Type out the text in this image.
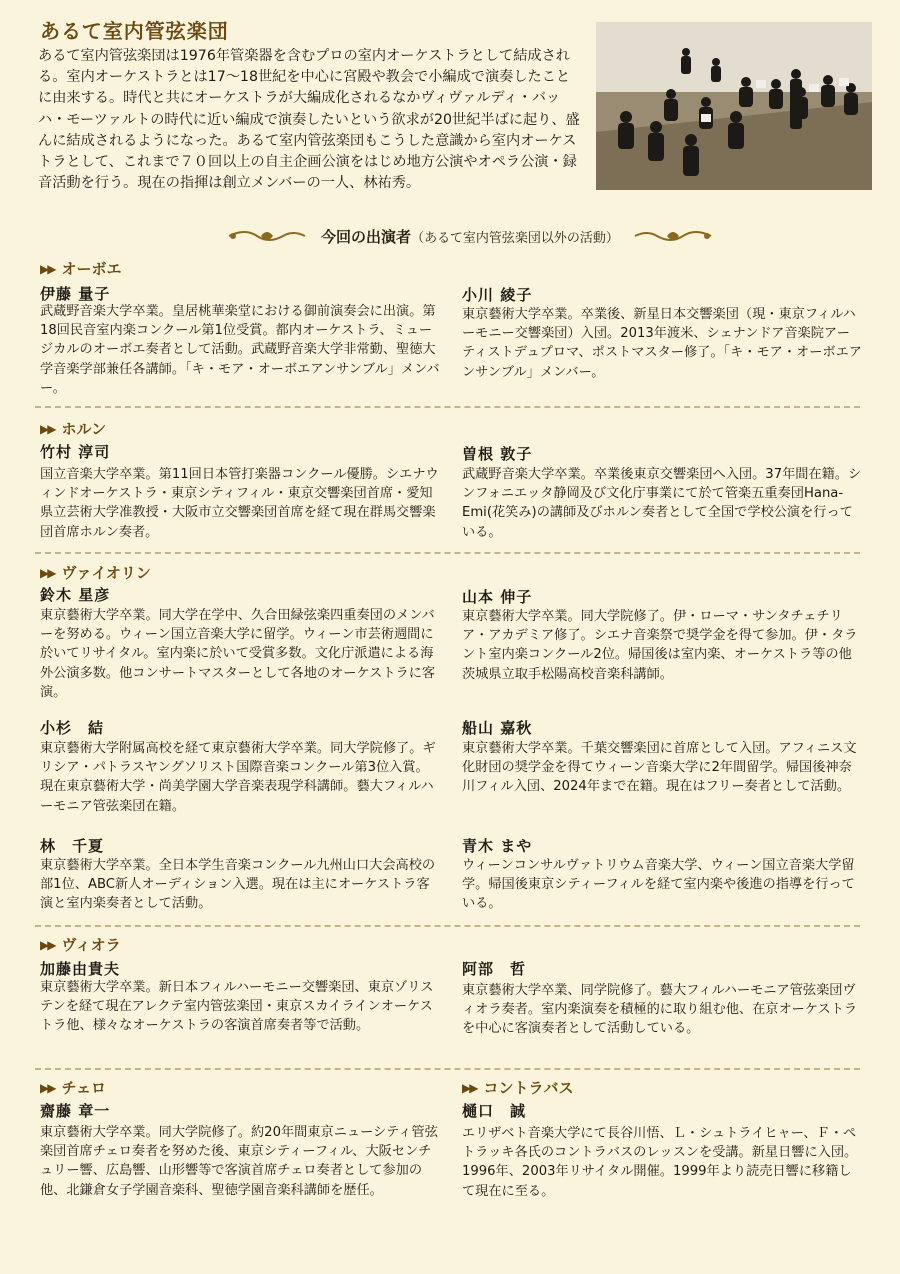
あるて室内管弦楽団

あるて室内管弦楽団は1976年管楽器を含むプロの室内オーケストラとして結成される。室内オーケストラとは17～18世紀を中心に宮殿や教会で小編成で演奏したことに由来する。時代と共にオーケストラが大編成化されるなかヴィヴァルディ・バッハ・モーツァルトの時代に近い編成で演奏したいという欲求が20世紀半ばに起り、盛んに結成されるようになった。あるて室内管弦楽団もこうした意識から室内オーケストラとして、これまで７０回以上の自主企画公演をはじめ地方公演やオペラ公演・録音活動を行う。現在の指揮は創立メンバーの一人、林祐秀。

今回の出演者（あるて室内管弦楽団以外の活動）
▶▶ オーボエ
伊藤 量子

武蔵野音楽大学卒業。皇居桃華楽堂における御前演奏会に出演。第18回民音室内楽コンクール第1位受賞。都内オーケストラ、ミュージカルのオーボエ奏者として活動。武蔵野音楽大学非常勤、聖徳大学音楽学部兼任各講師。「キ・モア・オーボエアンサンブル」メンバー。

小川 綾子

東京藝術大学卒業。卒業後、新星日本交響楽団（現・東京フィルハーモニー交響楽団）入団。2013年渡米、シェナンドア音楽院アーティストデュプロマ、ポストマスター修了。「キ・モア・オーボエアンサンブル」メンバー。

▶▶ ホルン
竹村 淳司

国立音楽大学卒業。第11回日本管打楽器コンクール優勝。シエナウィンドオーケストラ・東京シティフィル・東京交響楽団首席・愛知県立芸術大学准教授・大阪市立交響楽団首席を経て現在群馬交響楽団首席ホルン奏者。

曽根 敦子

武蔵野音楽大学卒業。卒業後東京交響楽団へ入団。37年間在籍。シンフォニエッタ静岡及び文化庁事業にて於て管楽五重奏団Hana-Emi(花笑み)の講師及びホルン奏者として全国で学校公演を行っている。

▶▶ ヴァイオリン
鈴木 星彦

東京藝術大学卒業。同大学在学中、久合田緑弦楽四重奏団のメンバーを努める。ウィーン国立音楽大学に留学。ウィーン市芸術週間に於いてリサイタル。室内楽に於いて受賞多数。文化庁派遣による海外公演多数。他コンサートマスターとして各地のオーケストラに客演。

山本 伸子

東京藝術大学卒業。同大学院修了。伊・ローマ・サンタチェチリア・アカデミア修了。シエナ音楽祭で奨学金を得て参加。伊・タラント室内楽コンクール2位。帰国後は室内楽、オーケストラ等の他茨城県立取手松陽高校音楽科講師。

小杉　結

東京藝術大学附属高校を経て東京藝術大学卒業。同大学院修了。ギリシア・パトラスヤングソリスト国際音楽コンクール第3位入賞。現在東京藝術大学・尚美学園大学音楽表現学科講師。藝大フィルハーモニア管弦楽団在籍。

船山 嘉秋

東京藝術大学卒業。千葉交響楽団に首席として入団。アフィニス文化財団の奨学金を得てウィーン音楽大学に2年間留学。帰国後神奈川フィル入団、2024年まで在籍。現在はフリー奏者として活動。

林　千夏

東京藝術大学卒業。全日本学生音楽コンクール九州山口大会高校の部1位、ABC新人オーディション入選。現在は主にオーケストラ客演と室内楽奏者として活動。

青木 まや

ウィーンコンサルヴァトリウム音楽大学、ウィーン国立音楽大学留学。帰国後東京シティーフィルを経て室内楽や後進の指導を行っている。

▶▶ ヴィオラ
加藤由貴夫

東京藝術大学卒業。新日本フィルハーモニー交響楽団、東京ゾリステンを経て現在アレクテ室内管弦楽団・東京スカイラインオーケストラ他、様々なオーケストラの客演首席奏者等で活動。

阿部　哲

東京藝術大学卒業、同学院修了。藝大フィルハーモニア管弦楽団ヴィオラ奏者。室内楽演奏を積極的に取り組む他、在京オーケストラを中心に客演奏者として活動している。

▶▶ チェロ
齋藤 章一

東京藝術大学卒業。同大学院修了。約20年間東京ニューシティ管弦楽団首席チェロ奏者を努めた後、東京シティーフィル、大阪センチュリー響、広島響、山形響等で客演首席チェロ奏者として参加の他、北鎌倉女子学園音楽科、聖徳学園音楽科講師を歴任。

▶▶ コントラバス
樋口　誠

エリザベト音楽大学にて長谷川悟、Ｌ・シュトライヒャー、Ｆ・ペトラッキ各氏のコントラバスのレッスンを受講。新星日響に入団。1996年、2003年リサイタル開催。1999年より読売日響に移籍して現在に至る。
